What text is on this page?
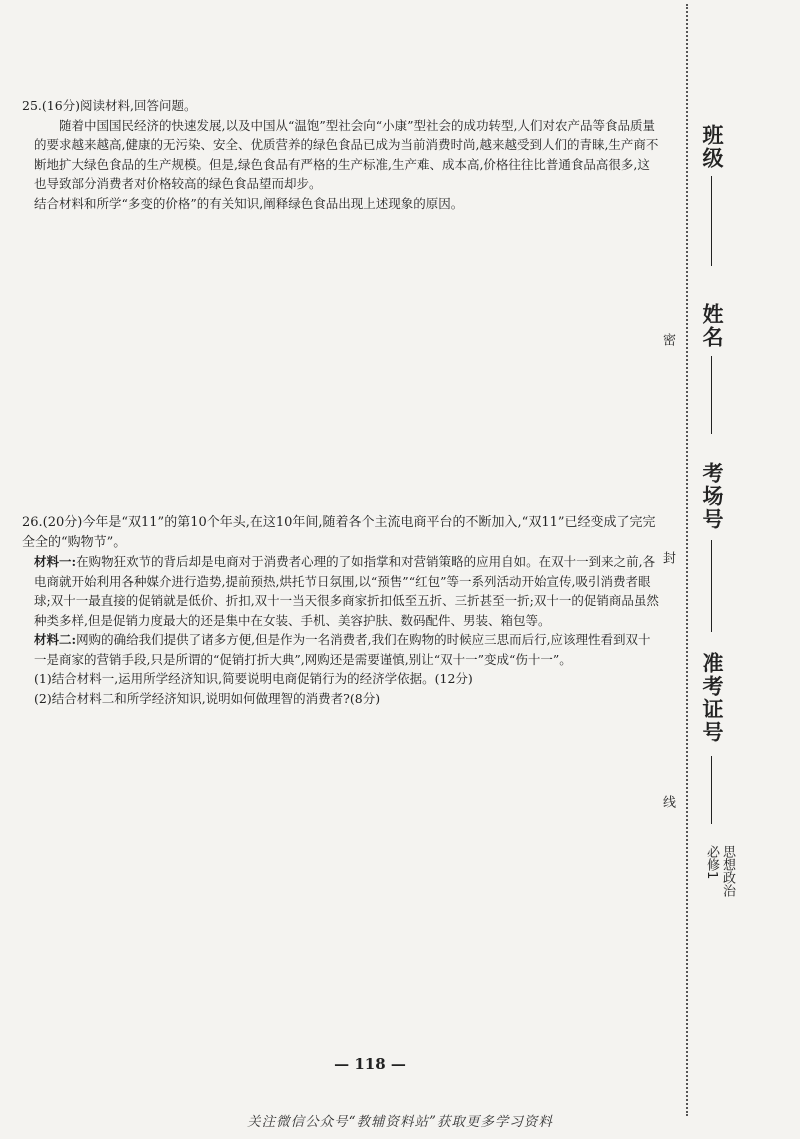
25.(16分)阅读材料,回答问题。

随着中国国民经济的快速发展,以及中国从“温饱”型社会向“小康”型社会的成功转型,人们对农产品等食品质量的要求越来越高,健康的无污染、安全、优质营养的绿色食品已成为当前消费时尚,越来越受到人们的青睐,生产商不断地扩大绿色食品的生产规模。但是,绿色食品有严格的生产标准,生产难、成本高,价格往往比普通食品高很多,这也导致部分消费者对价格较高的绿色食品望而却步。

结合材料和所学“多变的价格”的有关知识,阐释绿色食品出现上述现象的原因。

26.(20分)今年是“双11”的第10个年头,在这10年间,随着各个主流电商平台的不断加入,“双11”已经变成了完完全全的“购物节”。

材料一:在购物狂欢节的背后却是电商对于消费者心理的了如指掌和对营销策略的应用自如。在双十一到来之前,各电商就开始利用各种媒介进行造势,提前预热,烘托节日氛围,以“预售”“红包”等一系列活动开始宣传,吸引消费者眼球;双十一最直接的促销就是低价、折扣,双十一当天很多商家折扣低至五折、三折甚至一折;双十一的促销商品虽然种类多样,但是促销力度最大的还是集中在女装、手机、美容护肤、数码配件、男装、箱包等。

材料二:网购的确给我们提供了诸多方便,但是作为一名消费者,我们在购物的时候应三思而后行,应该理性看到双十一是商家的营销手段,只是所谓的“促销打折大典”,网购还是需要谨慎,别让“双十一”变成“伤十一”。

(1)结合材料一,运用所学经济知识,简要说明电商促销行为的经济学依据。(12分)

(2)结合材料二和所学经济知识,说明如何做理智的消费者?(8分)

班级
姓名
考场号
准考证号
密
封
线
思想政治
必修1
— 118 —
关注微信公众号“教辅资料站”获取更多学习资料
